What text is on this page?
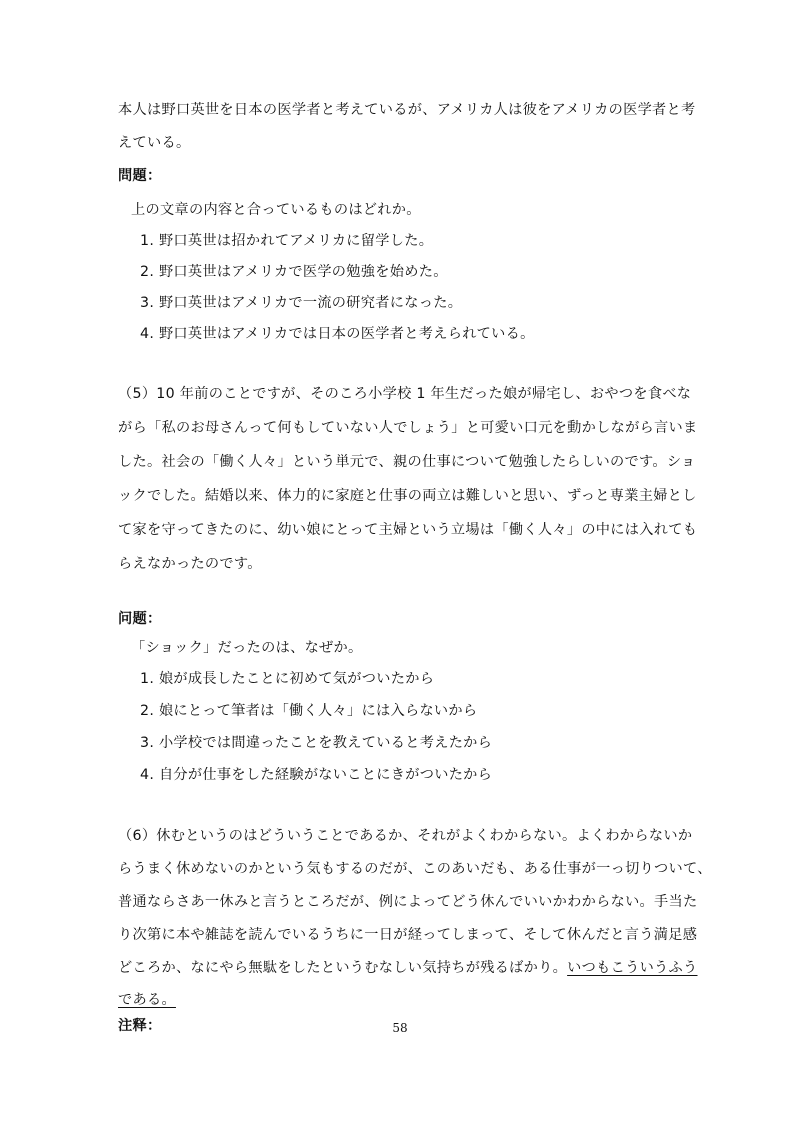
本人は野口英世を日本の医学者と考えているが、アメリカ人は彼をアメリカの医学者と考
えている。
問題：
上の文章の内容と合っているものはどれか。
1. 野口英世は招かれてアメリカに留学した。
2. 野口英世はアメリカで医学の勉強を始めた。
3. 野口英世はアメリカで一流の研究者になった。
4. 野口英世はアメリカでは日本の医学者と考えられている。
（5）10 年前のことですが、そのころ小学校 1 年生だった娘が帰宅し、おやつを食べな
がら「私のお母さんって何もしていない人でしょう」と可愛い口元を動かしながら言いま
した。社会の「働く人々」という単元で、親の仕事について勉強したらしいのです。ショ
ックでした。結婚以来、体力的に家庭と仕事の両立は難しいと思い、ずっと専業主婦とし
て家を守ってきたのに、幼い娘にとって主婦という立場は「働く人々」の中には入れても
らえなかったのです。
问题：
「ショック」だったのは、なぜか。
1. 娘が成長したことに初めて気がついたから
2. 娘にとって筆者は「働く人々」には入らないから
3. 小学校では間違ったことを教えていると考えたから
4. 自分が仕事をした経験がないことにきがついたから
（6）休むというのはどういうことであるか、それがよくわからない。よくわからないか
らうまく休めないのかという気もするのだが、このあいだも、ある仕事が一っ切りついて、
普通ならさあ一休みと言うところだが、例によってどう休んでいいかわからない。手当た
り次第に本や雑誌を読んでいるうちに一日が経ってしまって、そして休んだと言う満足感
どころか、なにやら無駄をしたというむなしい気持ちが残るばかり。いつもこういうふう
である。
注释：	58
